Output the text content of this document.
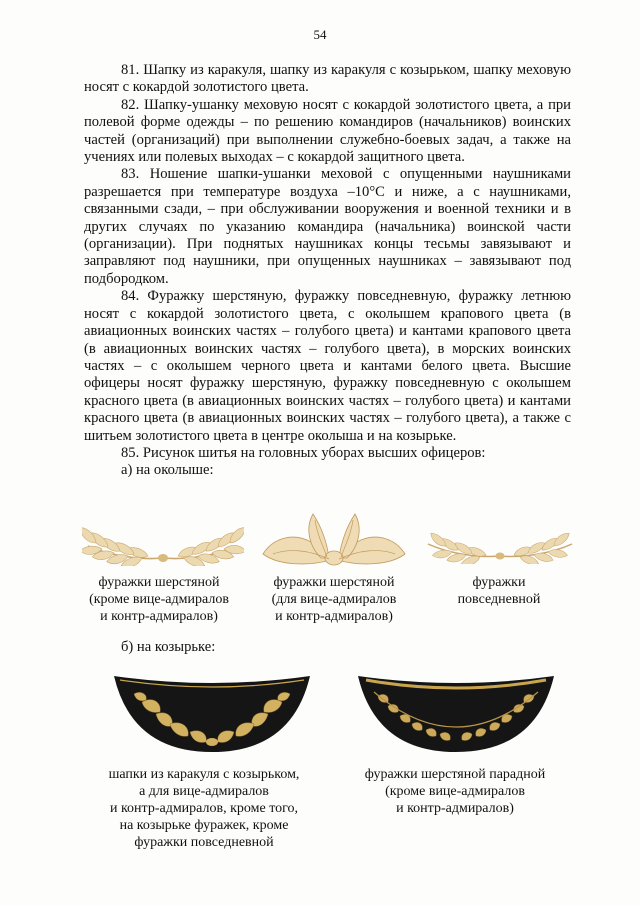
54

81. Шапку из каракуля, шапку из каракуля с козырьком, шапку меховую носят с кокардой золотистого цвета.

82. Шапку-ушанку меховую носят с кокардой золотистого цвета, а при полевой форме одежды – по решению командиров (начальников) воинских частей (организаций) при выполнении служебно-боевых задач, а также на учениях или полевых выходах – с кокардой защитного цвета.

83. Ношение шапки-ушанки меховой с опущенными наушниками разрешается при температуре воздуха –10°С и ниже, а с наушниками, связанными сзади, – при обслуживании вооружения и военной техники и в других случаях по указанию командира (начальника) воинской части (организации). При поднятых наушниках концы тесьмы завязывают и заправляют под наушники, при опущенных наушниках – завязывают под подбородком.

84. Фуражку шерстяную, фуражку повседневную, фуражку летнюю носят с кокардой золотистого цвета, с околышем крапового цвета (в авиационных воинских частях – голубого цвета) и кантами крапового цвета (в авиационных воинских частях – голубого цвета), в морских воинских частях – с околышем черного цвета и кантами белого цвета. Высшие офицеры носят фуражку шерстяную, фуражку повседневную с околышем красного цвета (в авиационных воинских частях – голубого цвета) и кантами красного цвета (в авиационных воинских частях – голубого цвета), а также с шитьем золотистого цвета в центре околыша и на козырьке.

85. Рисунок шитья на головных уборах высших офицеров:

а) на околыше:

фуражки шерстяной
(кроме вице-адмиралов
и контр-адмиралов)
фуражки шерстяной
(для вице-адмиралов
и контр-адмиралов)
фуражки
повседневной
б) на козырьке:
шапки из каракуля с козырьком,
а для вице-адмиралов
и контр-адмиралов, кроме того,
на козырьке фуражек, кроме
фуражки повседневной
фуражки шерстяной парадной
(кроме вице-адмиралов
и контр-адмиралов)
